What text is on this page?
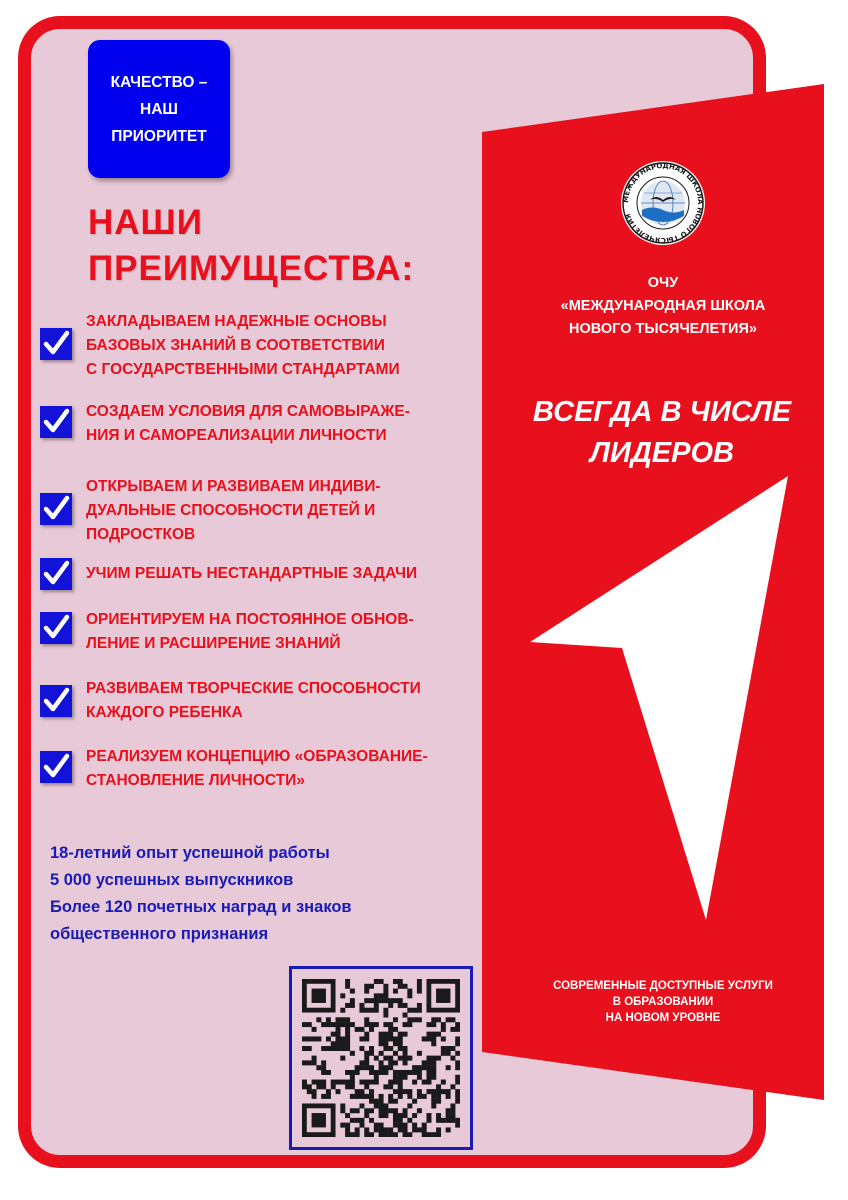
КАЧЕСТВО –
НАШ
ПРИОРИТЕТ
НАШИ
ПРЕИМУЩЕСТВА:
ЗАКЛАДЫВАЕМ НАДЕЖНЫЕ ОСНОВЫ
БАЗОВЫХ ЗНАНИЙ В СООТВЕТСТВИИ
С ГОСУДАРСТВЕННЫМИ СТАНДАРТАМИ
СОЗДАЕМ УСЛОВИЯ ДЛЯ САМОВЫРАЖЕ-
НИЯ И САМОРЕАЛИЗАЦИИ ЛИЧНОСТИ
ОТКРЫВАЕМ И РАЗВИВАЕМ ИНДИВИ-
ДУАЛЬНЫЕ СПОСОБНОСТИ ДЕТЕЙ И
ПОДРОСТКОВ
УЧИМ РЕШАТЬ НЕСТАНДАРТНЫЕ ЗАДАЧИ
ОРИЕНТИРУЕМ НА ПОСТОЯННОЕ ОБНОВ-
ЛЕНИЕ И РАСШИРЕНИЕ ЗНАНИЙ
РАЗВИВАЕМ ТВОРЧЕСКИЕ СПОСОБНОСТИ
КАЖДОГО РЕБЕНКА
РЕАЛИЗУЕМ КОНЦЕПЦИЮ «ОБРАЗОВАНИЕ-
СТАНОВЛЕНИЕ ЛИЧНОСТИ»
18-летний опыт успешной работы
5 000 успешных выпускников
Более 120 почетных наград и знаков
общественного признания
МЕЖДУНАРОДНАЯ ШКОЛА НОВОГО ТЫСЯЧЕЛЕТИЯ
ОЧУ
«МЕЖДУНАРОДНАЯ ШКОЛА
НОВОГО ТЫСЯЧЕЛЕТИЯ»
ВСЕГДА В ЧИСЛЕ
ЛИДЕРОВ
СОВРЕМЕННЫЕ ДОСТУПНЫЕ УСЛУГИ
В ОБРАЗОВАНИИ
НА НОВОМ УРОВНЕ
